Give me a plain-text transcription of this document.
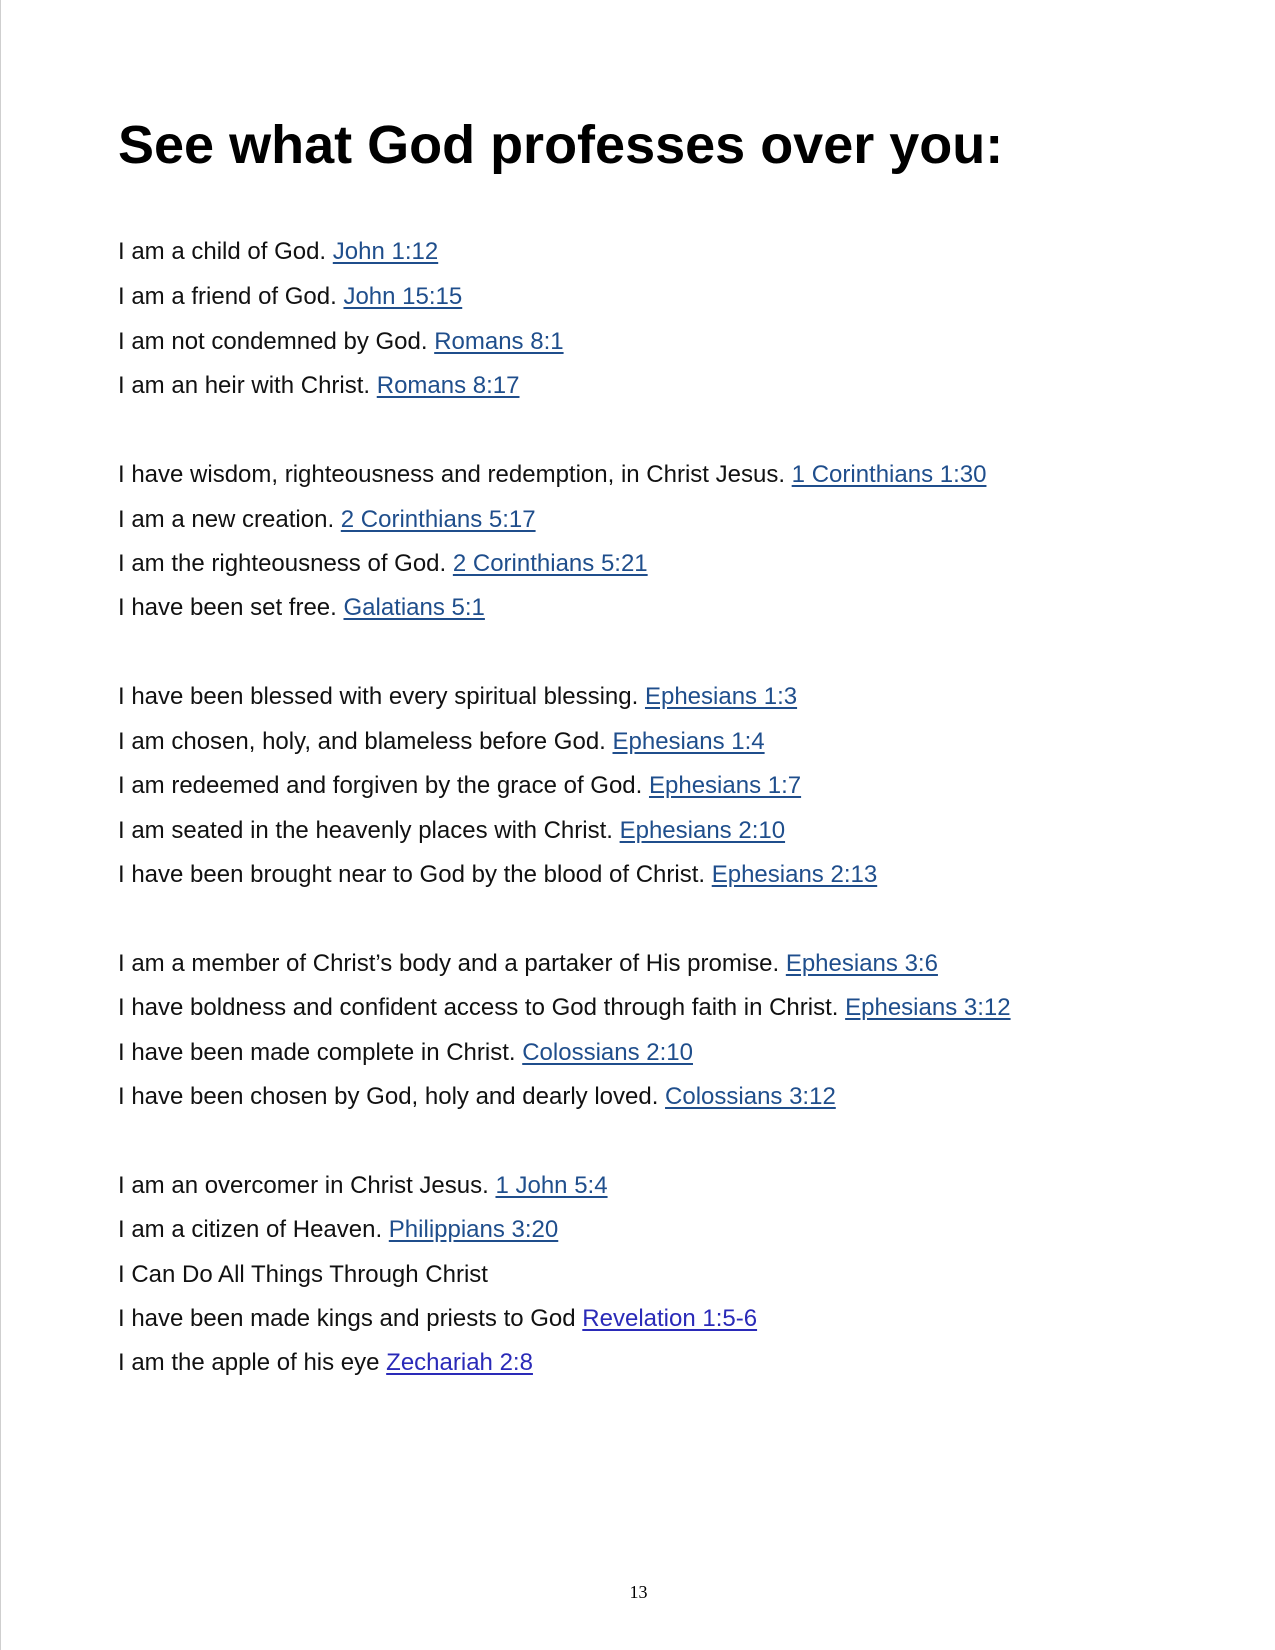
See what God professes over you:
I am a child of God. John 1:12
I am a friend of God. John 15:15
I am not condemned by God. Romans 8:1
I am an heir with Christ. Romans 8:17
I have wisdom, righteousness and redemption, in Christ Jesus. 1 Corinthians 1:30
I am a new creation. 2 Corinthians 5:17
I am the righteousness of God. 2 Corinthians 5:21
I have been set free. Galatians 5:1
I have been blessed with every spiritual blessing. Ephesians 1:3
I am chosen, holy, and blameless before God. Ephesians 1:4
I am redeemed and forgiven by the grace of God. Ephesians 1:7
I am seated in the heavenly places with Christ. Ephesians 2:10
I have been brought near to God by the blood of Christ. Ephesians 2:13
I am a member of Christ’s body and a partaker of His promise. Ephesians 3:6
I have boldness and confident access to God through faith in Christ. Ephesians 3:12
I have been made complete in Christ. Colossians 2:10
I have been chosen by God, holy and dearly loved. Colossians 3:12
I am an overcomer in Christ Jesus. 1 John 5:4
I am a citizen of Heaven. Philippians 3:20
I Can Do All Things Through Christ
I have been made kings and priests to God Revelation 1:5-6
I am the apple of his eye Zechariah 2:8
13
